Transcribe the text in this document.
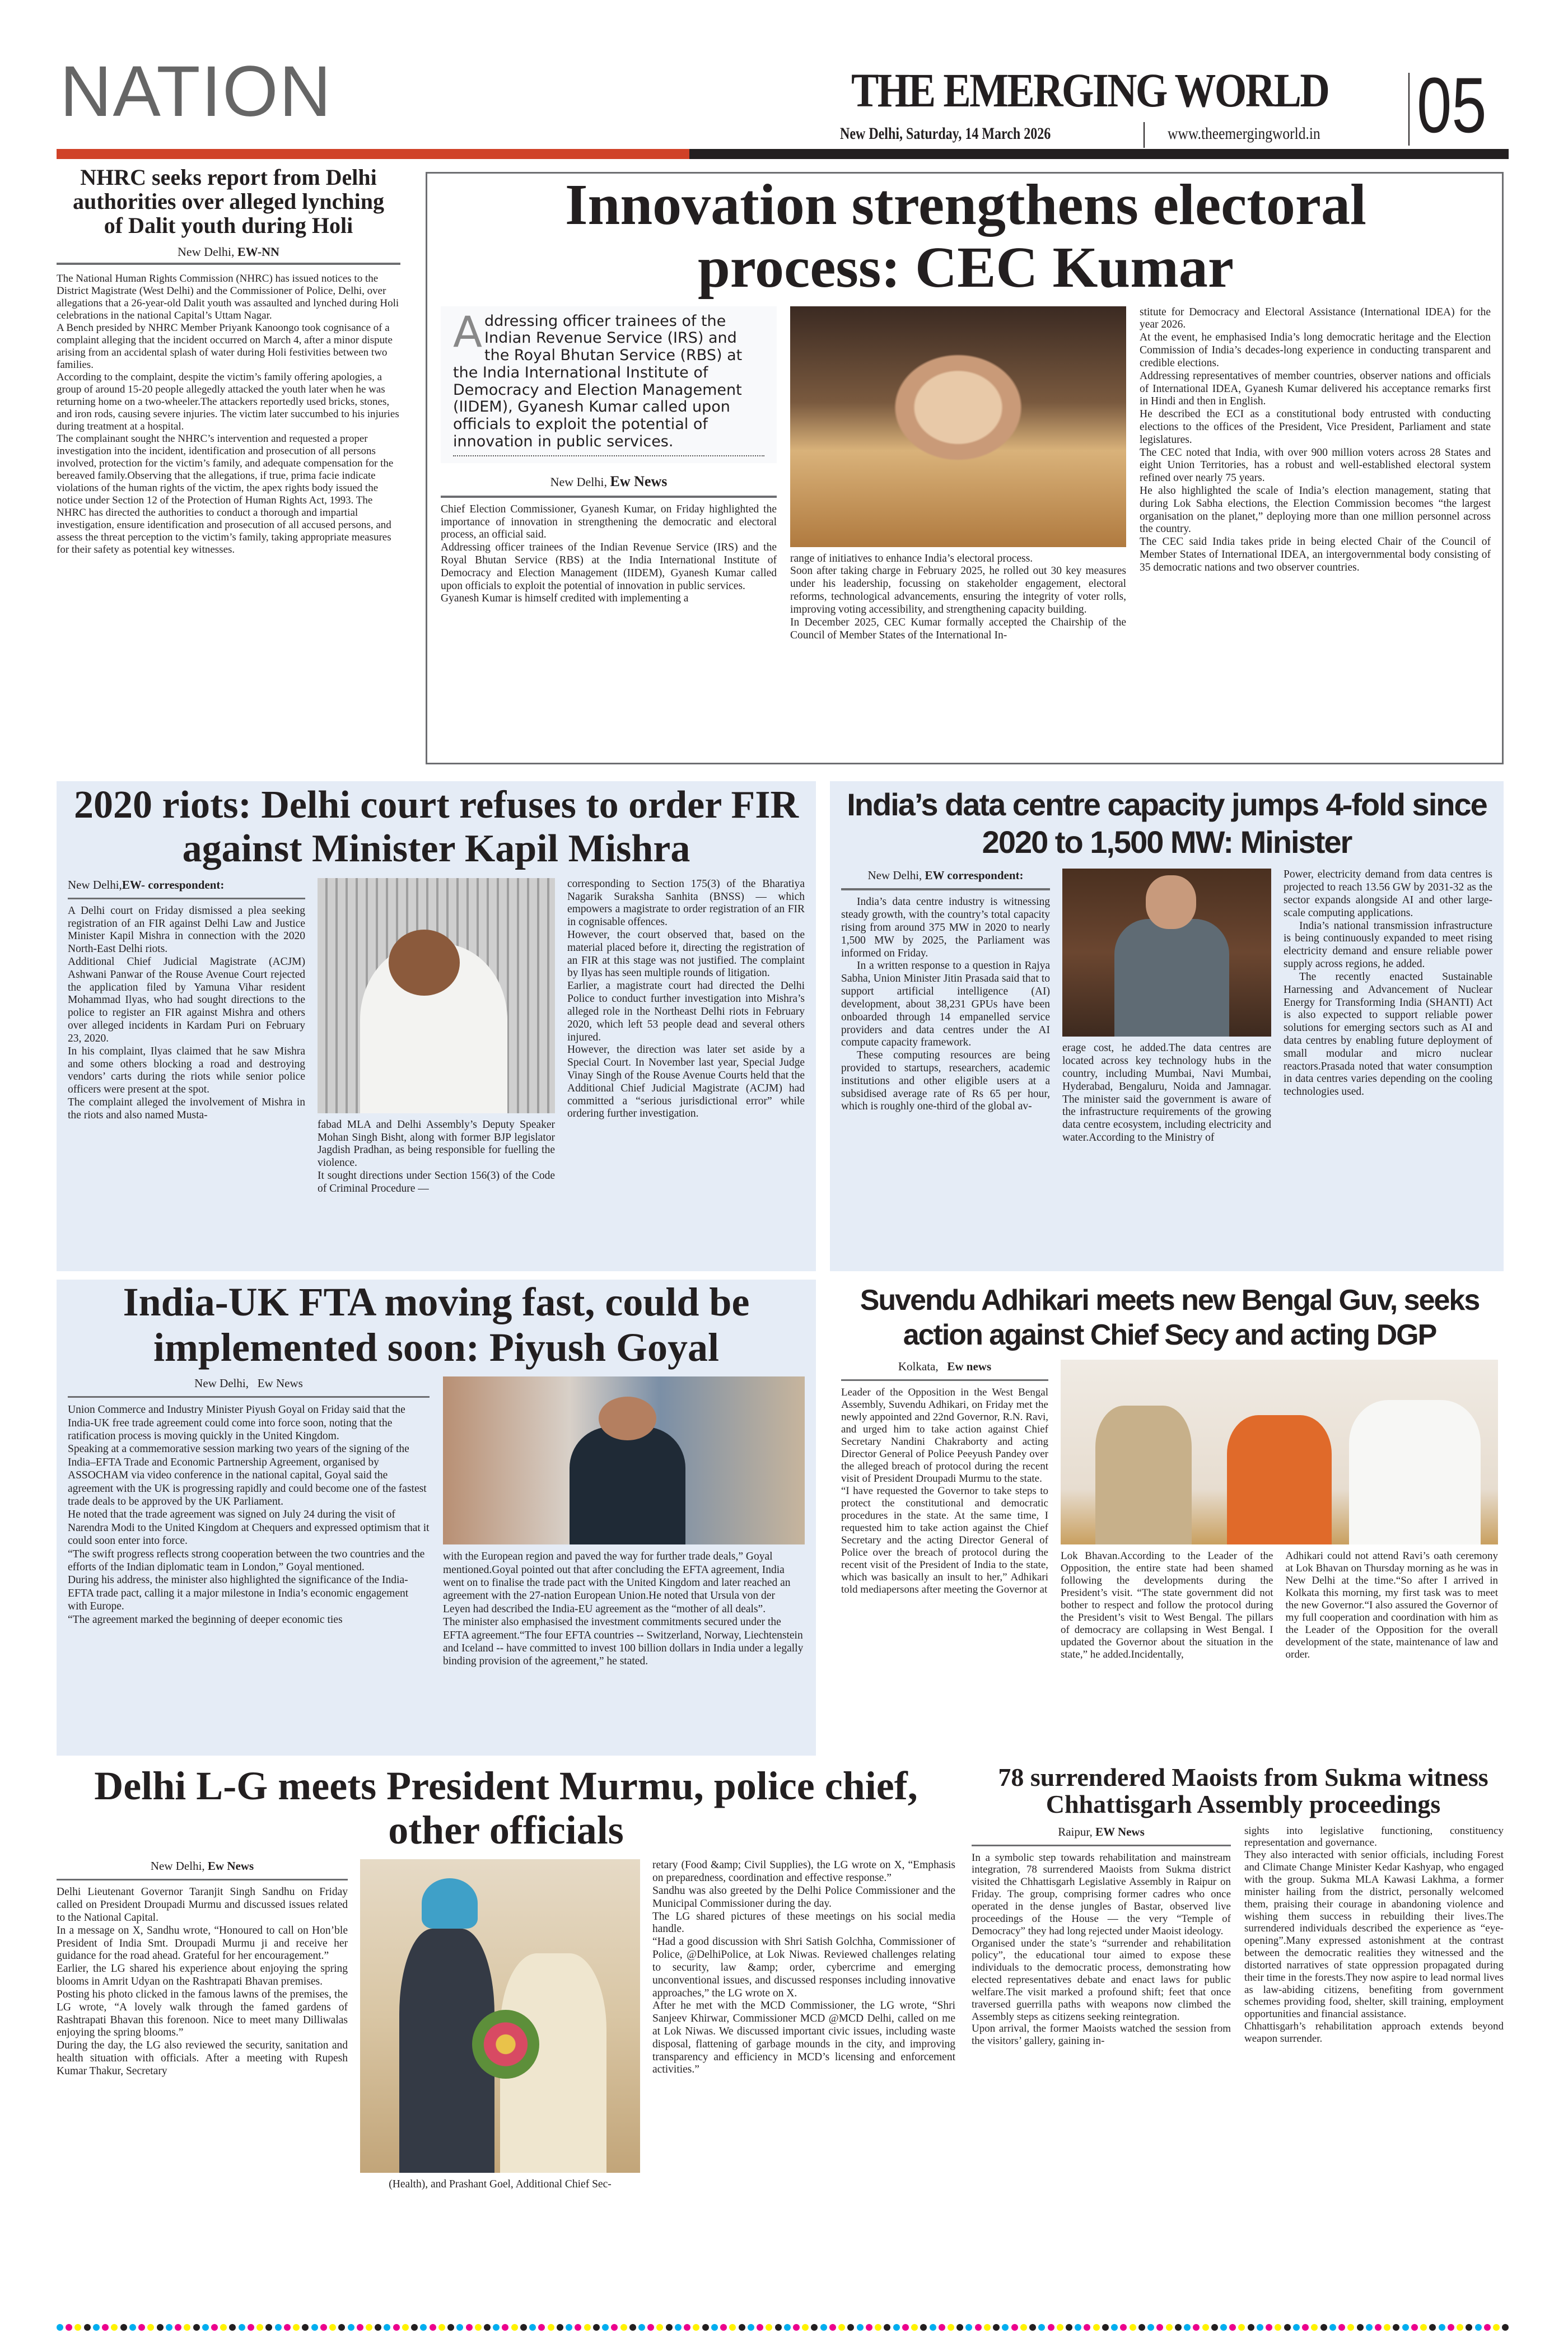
NATION	THE EMERGING WORLD
New Delhi, Saturday, 14 March 2026	www.theemergingworld.in 05
NHRC seeks report from Delhi authorities over alleged lynching of Dalit youth during Holi
New Delhi, EW-NN

The National Human Rights Commission (NHRC) has issued notices to the District Magistrate (West Delhi) and the Commissioner of Police, Delhi, over allegations that a 26-year-old Dalit youth was assaulted and lynched during Holi celebrations in the national Capital’s Uttam Nagar.

A Bench presided by NHRC Member Priyank Kanoongo took cognisance of a complaint alleging that the incident occurred on March 4, after a minor dispute arising from an accidental splash of water during Holi festivities between two families.

According to the complaint, despite the victim’s family offering apologies, a group of around 15-20 people allegedly attacked the youth later when he was returning home on a two-wheeler.The attackers reportedly used bricks, stones, and iron rods, causing severe injuries. The victim later succumbed to his injuries during treatment at a hospital.

The complainant sought the NHRC’s intervention and requested a proper investigation into the incident, identification and prosecution of all persons involved, protection for the victim’s family, and adequate compensation for the bereaved family.Observing that the allegations, if true, prima facie indicate violations of the human rights of the victim, the apex rights body issued the notice under Section 12 of the Protection of Human Rights Act, 1993. The NHRC has directed the authorities to conduct a thorough and impartial investigation, ensure identification and prosecution of all accused persons, and assess the threat perception to the victim’s family, taking appropriate measures for their safety as potential key witnesses.

Innovation strengthens electoral process: CEC Kumar
Addressing officer trainees of the Indian Revenue Service (IRS) and the Royal Bhutan Service (RBS) at the India International Institute of Democracy and Election Management (IIDEM), Gyanesh Kumar called upon officials to exploit the potential of innovation in public services.
New Delhi, Ew News

Chief Election Commissioner, Gyanesh Kumar, on Friday highlighted the importance of innovation in strengthening the democratic and electoral process, an official said.

Addressing officer trainees of the Indian Revenue Service (IRS) and the Royal Bhutan Service (RBS) at the India International Institute of Democracy and Election Management (IIDEM), Gyanesh Kumar called upon officials to exploit the potential of innovation in public services.

Gyanesh Kumar is himself credited with implementing a

range of initiatives to enhance India’s electoral process.

Soon after taking charge in February 2025, he rolled out 30 key measures under his leadership, focussing on stakeholder engagement, electoral reforms, technological advancements, ensuring the integrity of voter rolls, improving voting accessibility, and strengthening capacity building.

In December 2025, CEC Kumar formally accepted the Chairship of the Council of Member States of the International In-

stitute for Democracy and Electoral Assistance (International IDEA) for the year 2026.

At the event, he emphasised India’s long democratic heritage and the Election Commission of India’s decades-long experience in conducting transparent and credible elections.

Addressing representatives of member countries, observer nations and officials of International IDEA, Gyanesh Kumar delivered his acceptance remarks first in Hindi and then in English.

He described the ECI as a constitutional body entrusted with conducting elections to the offices of the President, Vice President, Parliament and state legislatures.

The CEC noted that India, with over 900 million voters across 28 States and eight Union Territories, has a robust and well-established electoral system refined over nearly 75 years.

He also highlighted the scale of India’s election management, stating that during Lok Sabha elections, the Election Commission becomes “the largest organisation on the planet,” deploying more than one million personnel across the country.

The CEC said India takes pride in being elected Chair of the Council of Member States of International IDEA, an intergovernmental body consisting of 35 democratic nations and two observer countries.

2020 riots: Delhi court refuses to order FIR against Minister Kapil Mishra
New Delhi,EW- correspondent:

A Delhi court on Friday dismissed a plea seeking registration of an FIR against Delhi Law and Justice Minister Kapil Mishra in connection with the 2020 North-East Delhi riots.

Additional Chief Judicial Magistrate (ACJM) Ashwani Panwar of the Rouse Avenue Court rejected the application filed by Yamuna Vihar resident Mohammad Ilyas, who had sought directions to the police to register an FIR against Mishra and others over alleged incidents in Kardam Puri on February 23, 2020.

In his complaint, Ilyas claimed that he saw Mishra and some others blocking a road and destroying vendors’ carts during the riots while senior police officers were present at the spot.

The complaint alleged the involvement of Mishra in the riots and also named Musta-

fabad MLA and Delhi Assembly’s Deputy Speaker Mohan Singh Bisht, along with former BJP legislator Jagdish Pradhan, as being responsible for fuelling the violence.

It sought directions under Section 156(3) of the Code of Criminal Procedure —

corresponding to Section 175(3) of the Bharatiya Nagarik Suraksha Sanhita (BNSS) — which empowers a magistrate to order registration of an FIR in cognisable offences.

However, the court observed that, based on the material placed before it, directing the registration of an FIR at this stage was not justified. The complaint by Ilyas has seen multiple rounds of litigation.

Earlier, a magistrate court had directed the Delhi Police to conduct further investigation into Mishra’s alleged role in the Northeast Delhi riots in February 2020, which left 53 people dead and several others injured.

However, the direction was later set aside by a Special Court. In November last year, Special Judge Vinay Singh of the Rouse Avenue Courts held that the Additional Chief Judicial Magistrate (ACJM) had committed a “serious jurisdictional error” while ordering further investigation.

India’s data centre capacity jumps 4-fold since 2020 to 1,500 MW: Minister
New Delhi, EW correspondent:

India’s data centre industry is witnessing steady growth, with the country’s total capacity rising from around 375 MW in 2020 to nearly 1,500 MW by 2025, the Parliament was informed on Friday.

In a written response to a question in Rajya Sabha, Union Minister Jitin Prasada said that to support artificial intelligence (AI) development, about 38,231 GPUs have been onboarded through 14 empanelled service providers and data centres under the AI compute capacity framework.

These computing resources are being provided to startups, researchers, academic institutions and other eligible users at a subsidised average rate of Rs 65 per hour, which is roughly one-third of the global av-

erage cost, he added.The data centres are located across key technology hubs in the country, including Mumbai, Navi Mumbai, Hyderabad, Bengaluru, Noida and Jamnagar. The minister said the government is aware of the infrastructure requirements of the growing data centre ecosystem, including electricity and water.According to the Ministry of

Power, electricity demand from data centres is projected to reach 13.56 GW by 2031-32 as the sector expands alongside AI and other large-scale computing applications.

India’s national transmission infrastructure is being continuously expanded to meet rising electricity demand and ensure reliable power supply across regions, he added.

The recently enacted Sustainable Harnessing and Advancement of Nuclear Energy for Transforming India (SHANTI) Act is also expected to support reliable power solutions for emerging sectors such as AI and data centres by enabling future deployment of small modular and micro nuclear reactors.Prasada noted that water consumption in data centres varies depending on the cooling technologies used.

India-UK FTA moving fast, could be implemented soon: Piyush Goyal
New Delhi, Ew News

Union Commerce and Industry Minister Piyush Goyal on Friday said that the India-UK free trade agreement could come into force soon, noting that the ratification process is moving quickly in the United Kingdom.

Speaking at a commemorative session marking two years of the signing of the India–EFTA Trade and Economic Partnership Agreement, organised by ASSOCHAM via video conference in the national capital, Goyal said the agreement with the UK is progressing rapidly and could become one of the fastest trade deals to be approved by the UK Parliament.

He noted that the trade agreement was signed on July 24 during the visit of Narendra Modi to the United Kingdom at Chequers and expressed optimism that it could soon enter into force.

“The swift progress reflects strong cooperation between the two countries and the efforts of the Indian diplomatic team in London,” Goyal mentioned.

During his address, the minister also highlighted the significance of the India-EFTA trade pact, calling it a major milestone in India’s economic engagement with Europe.

“The agreement marked the beginning of deeper economic ties

with the European region and paved the way for further trade deals,” Goyal mentioned.Goyal pointed out that after concluding the EFTA agreement, India went on to finalise the trade pact with the United Kingdom and later reached an agreement with the 27-nation European Union.He noted that Ursula von der Leyen had described the India-EU agreement as the “mother of all deals”.

The minister also emphasised the investment commitments secured under the EFTA agreement.“The four EFTA countries -- Switzerland, Norway, Liechtenstein and Iceland -- have committed to invest 100 billion dollars in India under a legally binding provision of the agreement,” he stated.

Suvendu Adhikari meets new Bengal Guv, seeks action against Chief Secy and acting DGP
Kolkata, Ew news

Leader of the Opposition in the West Bengal Assembly, Suvendu Adhikari, on Friday met the newly appointed and 22nd Governor, R.N. Ravi, and urged him to take action against Chief Secretary Nandini Chakraborty and acting Director General of Police Peeyush Pandey over the alleged breach of protocol during the recent visit of President Droupadi Murmu to the state.

“I have requested the Governor to take steps to protect the constitutional and democratic procedures in the state. At the same time, I requested him to take action against the Chief Secretary and the acting Director General of Police over the breach of protocol during the recent visit of the President of India to the state, which was basically an insult to her,” Adhikari told mediapersons after meeting the Governor at

Lok Bhavan.According to the Leader of the Opposition, the entire state had been shamed following the developments during the President’s visit. “The state government did not bother to respect and follow the protocol during the President’s visit to West Bengal. The pillars of democracy are collapsing in West Bengal. I updated the Governor about the situation in the state,” he added.Incidentally,

Adhikari could not attend Ravi’s oath ceremony at Lok Bhavan on Thursday morning as he was in New Delhi at the time.“So after I arrived in Kolkata this morning, my first task was to meet the new Governor.“I also assured the Governor of my full cooperation and coordination with him as the Leader of the Opposition for the overall development of the state, maintenance of law and order.

Delhi L-G meets President Murmu, police chief, other officials
New Delhi, Ew News

Delhi Lieutenant Governor Taranjit Singh Sandhu on Friday called on President Droupadi Murmu and discussed issues related to the National Capital.

In a message on X, Sandhu wrote, “Honoured to call on Hon’ble President of India Smt. Droupadi Murmu ji and receive her guidance for the road ahead. Grateful for her encouragement.”

Earlier, the LG shared his experience about enjoying the spring blooms in Amrit Udyan on the Rashtrapati Bhavan premises.

Posting his photo clicked in the famous lawns of the premises, the LG wrote, “A lovely walk through the famed gardens of Rashtrapati Bhavan this forenoon. Nice to meet many Dilliwalas enjoying the spring blooms.”

During the day, the LG also reviewed the security, sanitation and health situation with officials. After a meeting with Rupesh Kumar Thakur, Secretary

(Health), and Prashant Goel, Additional Chief Sec-

retary (Food &amp; Civil Supplies), the LG wrote on X, “Emphasis on preparedness, coordination and effective response.”

Sandhu was also greeted by the Delhi Police Commissioner and the Municipal Commissioner during the day.

The LG shared pictures of these meetings on his social media handle.

“Had a good discussion with Shri Satish Golchha, Commissioner of Police, @DelhiPolice, at Lok Niwas. Reviewed challenges relating to security, law &amp; order, cybercrime and emerging unconventional issues, and discussed responses including innovative approaches,” the LG wrote on X.

After he met with the MCD Commissioner, the LG wrote, “Shri Sanjeev Khirwar, Commissioner MCD @MCD Delhi, called on me at Lok Niwas. We discussed important civic issues, including waste disposal, flattening of garbage mounds in the city, and improving transparency and efficiency in MCD’s licensing and enforcement activities.”

78 surrendered Maoists from Sukma witness Chhattisgarh Assembly proceedings
Raipur, EW News

In a symbolic step towards rehabilitation and mainstream integration, 78 surrendered Maoists from Sukma district visited the Chhattisgarh Legislative Assembly in Raipur on Friday. The group, comprising former cadres who once operated in the dense jungles of Bastar, observed live proceedings of the House — the very “Temple of Democracy” they had long rejected under Maoist ideology.

Organised under the state’s “surrender and rehabilitation policy”, the educational tour aimed to expose these individuals to the democratic process, demonstrating how elected representatives debate and enact laws for public welfare.The visit marked a profound shift; feet that once traversed guerrilla paths with weapons now climbed the Assembly steps as citizens seeking reintegration.

Upon arrival, the former Maoists watched the session from the visitors’ gallery, gaining in-

sights into legislative functioning, constituency representation and governance.

They also interacted with senior officials, including Forest and Climate Change Minister Kedar Kashyap, who engaged with the group. Sukma MLA Kawasi Lakhma, a former minister hailing from the district, personally welcomed them, praising their courage in abandoning violence and wishing them success in rebuilding their lives.The surrendered individuals described the experience as “eye-opening”.Many expressed astonishment at the contrast between the democratic realities they witnessed and the distorted narratives of state oppression propagated during their time in the forests.They now aspire to lead normal lives as law-abiding citizens, benefiting from government schemes providing food, shelter, skill training, employment opportunities and financial assistance.

Chhattisgarh’s rehabilitation approach extends beyond weapon surrender.
